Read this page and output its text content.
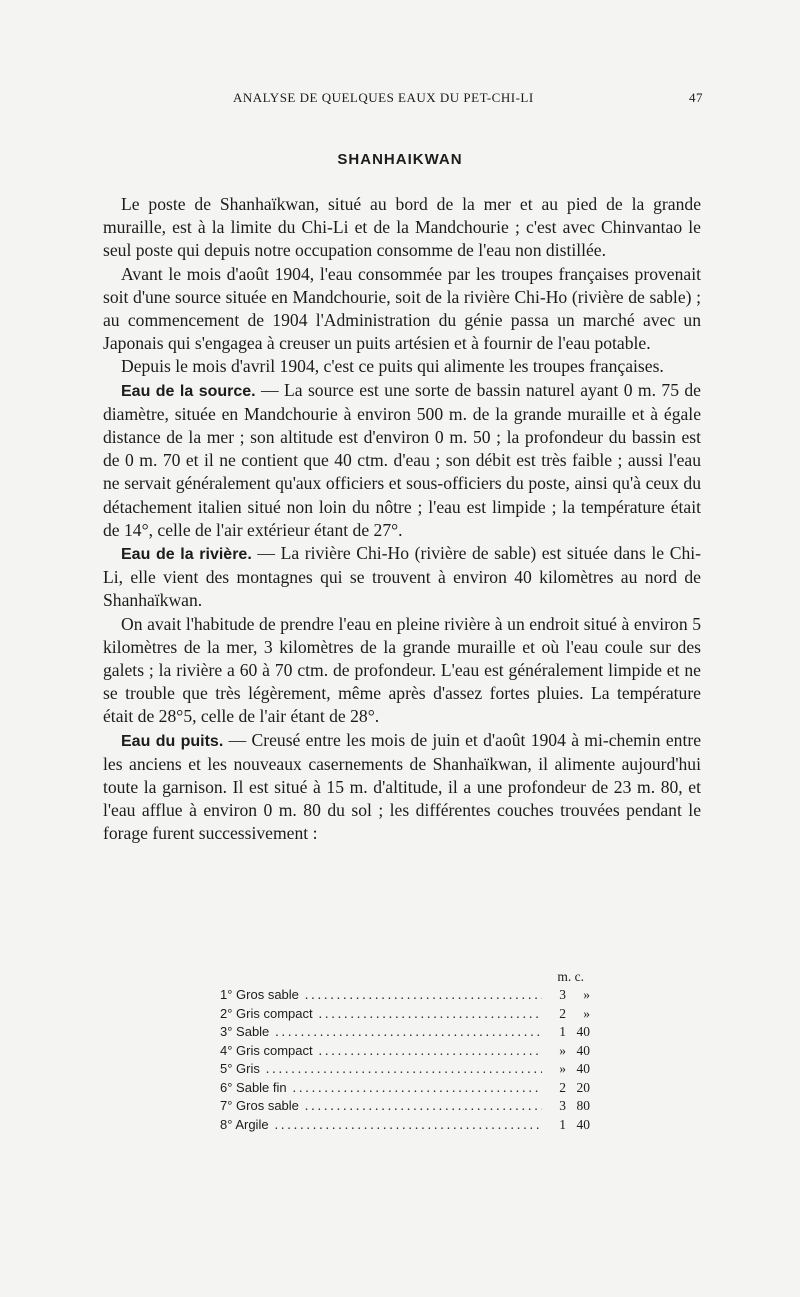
ANALYSE DE QUELQUES EAUX DU PET-CHI-LI	47
SHANHAIKWAN

Le poste de Shanhaïkwan, situé au bord de la mer et au pied de la grande muraille, est à la limite du Chi-Li et de la Mandchourie ; c'est avec Chinvantao le seul poste qui depuis notre occupation consomme de l'eau non distillée.

Avant le mois d'août 1904, l'eau consommée par les troupes françaises provenait soit d'une source située en Mandchourie, soit de la rivière Chi-Ho (rivière de sable) ; au commencement de 1904 l'Administration du génie passa un marché avec un Japonais qui s'engagea à creuser un puits artésien et à fournir de l'eau potable.

Depuis le mois d'avril 1904, c'est ce puits qui alimente les troupes françaises.

Eau de la source. — La source est une sorte de bassin naturel ayant 0 m. 75 de diamètre, située en Mandchourie à environ 500 m. de la grande muraille et à égale distance de la mer ; son altitude est d'environ 0 m. 50 ; la profondeur du bassin est de 0 m. 70 et il ne contient que 40 ctm. d'eau ; son débit est très faible ; aussi l'eau ne servait généralement qu'aux officiers et sous-officiers du poste, ainsi qu'à ceux du détachement italien situé non loin du nôtre ; l'eau est limpide ; la température était de 14°, celle de l'air extérieur étant de 27°.

Eau de la rivière. — La rivière Chi-Ho (rivière de sable) est située dans le Chi-Li, elle vient des montagnes qui se trouvent à environ 40 kilomètres au nord de Shanhaïkwan.

On avait l'habitude de prendre l'eau en pleine rivière à un endroit situé à environ 5 kilomètres de la mer, 3 kilomètres de la grande muraille et où l'eau coule sur des galets ; la rivière a 60 à 70 ctm. de profondeur. L'eau est généralement limpide et ne se trouble que très légèrement, même après d'assez fortes pluies. La température était de 28°5, celle de l'air étant de 28°.

Eau du puits. — Creusé entre les mois de juin et d'août 1904 à mi-chemin entre les anciens et les nouveaux casernements de Shanhaïkwan, il alimente aujourd'hui toute la garnison. Il est situé à 15 m. d'altitude, il a une profondeur de 23 m. 80, et l'eau afflue à environ 0 m. 80 du sol ; les différentes couches trouvées pendant le forage furent successivement :

m. c.
1° Gros sable .....	3	»
2° Gris compact .....	2	»
3° Sable .....	1 40
4° Gris compact .....	» 40
5° Gris .....	» 40
6° Sable fin .....	2 20
7° Gros sable .....	3 80
8° Argile .....	1 40
